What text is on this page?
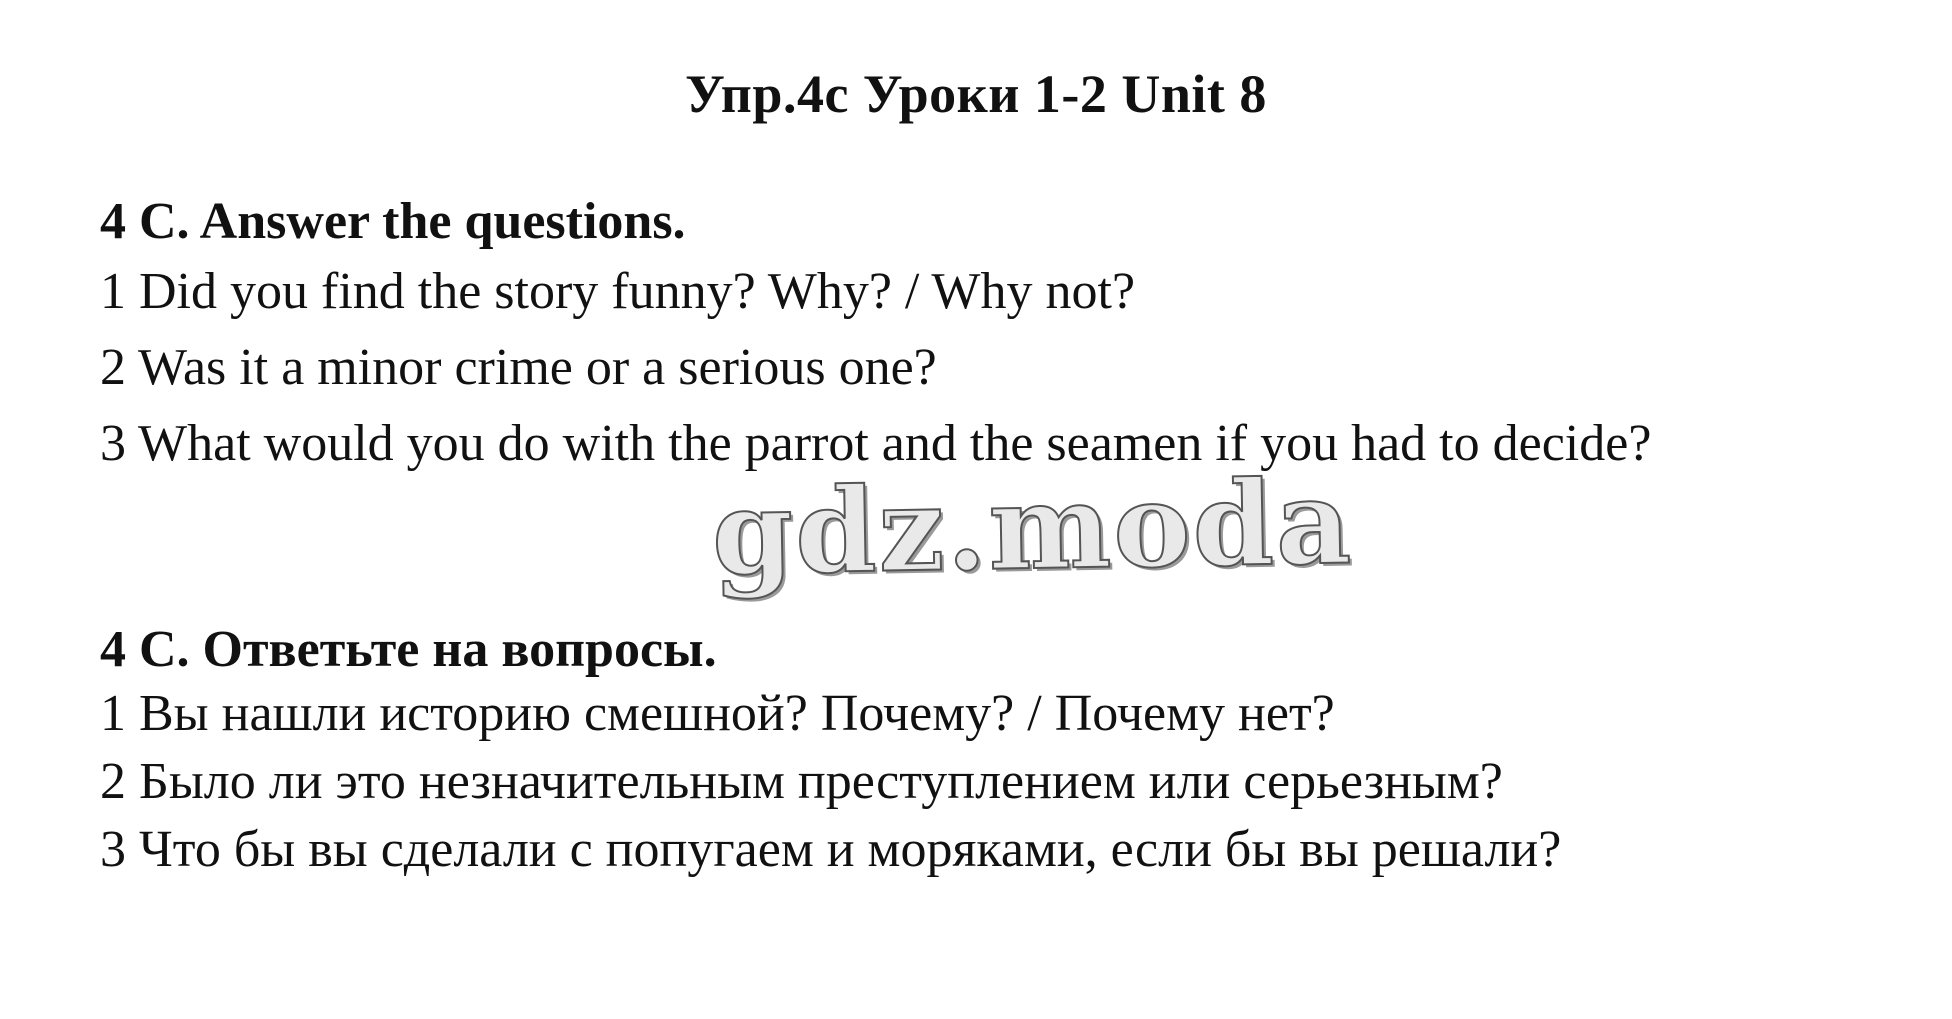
Упр.4с Уроки 1-2 Unit 8

4 C. Answer the questions.

1 Did you find the story funny? Why? / Why not?

2 Was it a minor crime or a serious one?

3 What would you do with the parrot and the seamen if you had to decide?

gdz.moda

4 С. Ответьте на вопросы.

1 Вы нашли историю смешной? Почему? / Почему нет?

2 Было ли это незначительным преступлением или серьезным?

3 Что бы вы сделали с попугаем и моряками, если бы вы решали?
